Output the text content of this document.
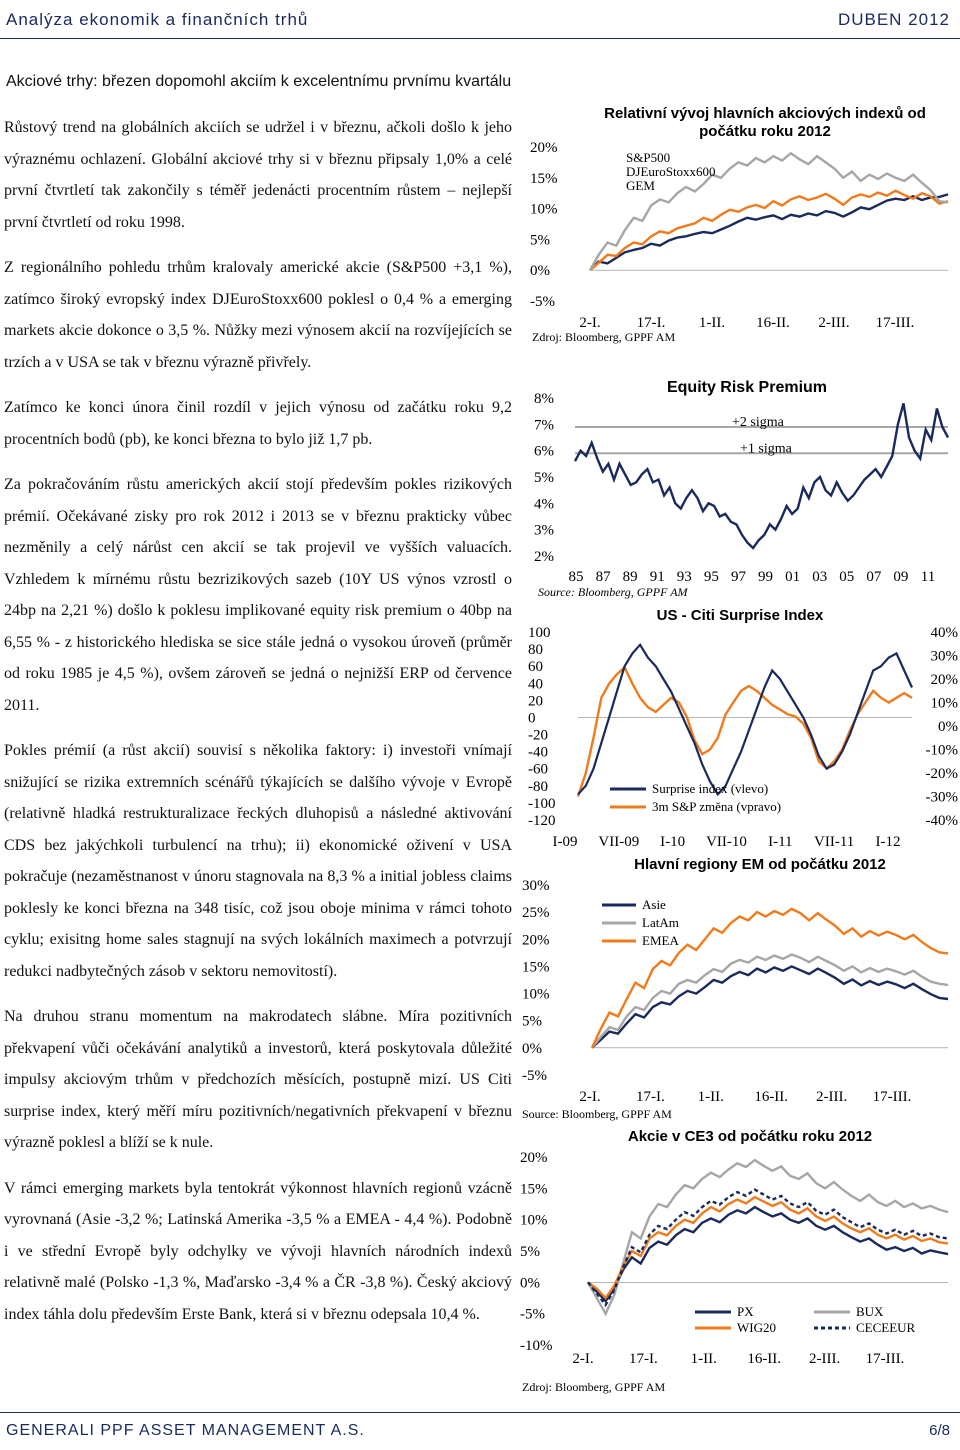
Analýza ekonomik a finančních trhů	DUBEN 2012
Akciové trhy: březen dopomohl akciím k excelentnímu prvnímu kvartálu

Růstový trend na globálních akciích se udržel i v březnu, ačkoli došlo k jeho výraznému ochlazení. Globální akciové trhy si v březnu připsaly 1,0% a celé první čtvrtletí tak zakončily s téměř jedenácti procentním růstem – nejlepší první čtvrtletí od roku 1998.

Z regionálního pohledu trhům kralovaly americké akcie (S&P500 +3,1 %), zatímco široký evropský index DJEuroStoxx600 poklesl o 0,4 % a emerging markets akcie dokonce o 3,5 %. Nůžky mezi výnosem akcií na rozvíjejících se trzích a v USA se tak v březnu výrazně přivřely.

Zatímco ke konci února činil rozdíl v jejich výnosu od začátku roku 9,2 procentních bodů (pb), ke konci března to bylo již 1,7 pb.

Za pokračováním růstu amerických akcií stojí především pokles rizikových prémií. Očekávané zisky pro rok 2012 i 2013 se v březnu prakticky vůbec nezměnily a celý nárůst cen akcií se tak projevil ve vyšších valuacích. Vzhledem k mírnému růstu bezrizikových sazeb (10Y US výnos vzrostl o 24bp na 2,21 %) došlo k poklesu implikované equity risk premium o 40bp na 6,55 % - z historického hlediska se sice stále jedná o vysokou úroveň (průměr od roku 1985 je 4,5 %), ovšem zároveň se jedná o nejnižší ERP od července 2011.

Pokles prémií (a růst akcií) souvisí s několika faktory: i) investoři vnímají snižující se rizika extremních scénářů týkajících se dalšího vývoje v Evropě (relativně hladká restrukturalizace řeckých dluhopisů a následné aktivování CDS bez jakýchkoli turbulencí na trhu); ii) ekonomické oživení v USA pokračuje (nezaměstnanost v únoru stagnovala na 8,3 % a initial jobless claims poklesly ke konci března na 348 tisíc, což jsou oboje minima v rámci tohoto cyklu; exisitng home sales stagnují na svých lokálních maximech a potvrzují redukci nadbytečných zásob v sektoru nemovitostí).

Na druhou stranu momentum na makrodatech slábne. Míra pozitivních překvapení vůči očekávání analytiků a investorů, která poskytovala důležité impulsy akciovým trhům v předchozích měsících, postupně mizí. US Citi surprise index, který měří míru pozitivních/negativních překvapení v březnu výrazně poklesl a blíží se k nule.

V rámci emerging markets byla tentokrát výkonnost hlavních regionů vzácně vyrovnaná (Asie -3,2 %; Latinská Amerika -3,5 % a EMEA - 4,4 %). Podobně i ve střední Evropě byly odchylky ve vývoji hlavních národních indexů relativně malé (Polsko -1,3 %, Maďarsko -3,4 % a ČR -3,8 %). Český akciový index táhla dolu především Erste Bank, která si v březnu odepsala 10,4 %.

Relativní vývoj hlavních akciových indexů od
počátku roku 2012
20%
15%
10%
5%
0%
-5%
2-I. 17-I. 1-II. 16-II. 2-III. 17-III.
S&P500
DJEuroStoxx600
GEM
Zdroj: Bloomberg, GPPF AM
Equity Risk Premium
8%
7%
6%
5%
4%
3%
2%
+2 sigma
+1 sigma
85 87 89 91 93 95 97 99 01 03 05 07 09 11
Source: Bloomberg, GPPF AM
US - Citi Surprise Index
100
80
60
40
20
0
-20
-40
-60
-80
-100
-120
40%
30%
20%
10%
0%
-10%
-20%
-30%
-40%
I-09 VII-09 I-10 VII-10 I-11 VII-11 I-12
Surprise index (vlevo)
3m S&P změna (vpravo)
Hlavní regiony EM od počátku 2012
30%
25%
20%
15%
10%
5%
0%
-5%
2-I. 17-I. 1-II. 16-II. 2-III. 17-III.
Asie
LatAm
EMEA
Source: Bloomberg, GPPF AM
Akcie v CE3 od počátku roku 2012
20%
15%
10%
5%
0%
-5%
-10%
2-I. 17-I. 1-II. 16-II. 2-III. 17-III.
PX
WIG20
BUX
CECEEUR
Zdroj: Bloomberg, GPPF AM
GENERALI PPF ASSET MANAGEMENT A.S.	6/8
